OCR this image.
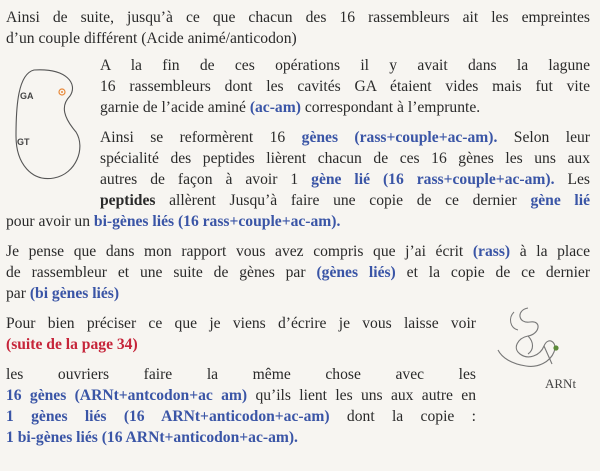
Ainsi de suite, jusqu’à ce que chacun des 16 rassembleurs ait les empreintes

d’un couple différent (Acide animé/anticodon)

GA
GT

A la fin de ces opérations il y avait dans la lagune

16 rassembleurs dont les cavités GA étaient vides mais fut vite

garnie de l’acide aminé (ac-am) correspondant à l’emprunte.

Ainsi se reformèrent 16 gènes (rass+couple+ac-am). Selon leur

spécialité des peptides lièrent chacun de ces 16 gènes les uns aux

autres de façon à avoir 1 gène lié (16 rass+couple+ac-am). Les

peptides allèrent Jusqu’à faire une copie de ce dernier gène lié

pour avoir un bi-gènes liés (16 rass+couple+ac-am).

Je pense que dans mon rapport vous avez compris que j’ai écrit (rass) à la place

de rassembleur et une suite de gènes par (gènes liés) et la copie de ce dernier

par (bi gènes liés)

Pour bien préciser ce que je viens d’écrire je vous laisse voir

(suite de la page 34)

les ouvriers faire la même chose avec les

16 gènes (ARNt+antcodon+ac am) qu’ils lient les uns aux autre en

1 gènes liés (16 ARNt+anticodon+ac-am) dont la copie :

1 bi-gènes liés (16 ARNt+anticodon+ac-am).

ARNt
